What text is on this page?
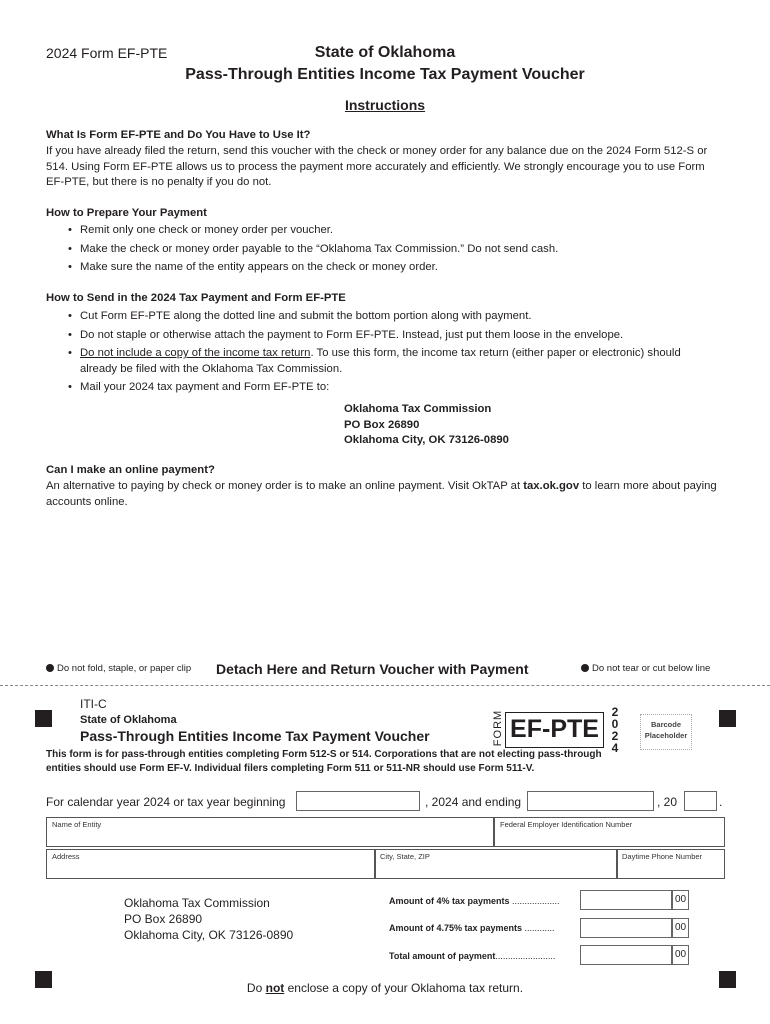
2024 Form EF-PTE	State of Oklahoma
Pass-Through Entities Income Tax Payment Voucher
Instructions
What Is Form EF-PTE and Do You Have to Use It?
If you have already filed the return, send this voucher with the check or money order for any balance due on the 2024 Form 512-S or 514. Using Form EF-PTE allows us to process the payment more accurately and efficiently. We strongly encourage you to use Form EF-PTE, but there is no penalty if you do not.
How to Prepare Your Payment
• Remit only one check or money order per voucher.
• Make the check or money order payable to the “Oklahoma Tax Commission.” Do not send cash.
• Make sure the name of the entity appears on the check or money order.
How to Send in the 2024 Tax Payment and Form EF-PTE
• Cut Form EF-PTE along the dotted line and submit the bottom portion along with payment.
• Do not staple or otherwise attach the payment to Form EF-PTE. Instead, just put them loose in the envelope.
• Do not include a copy of the income tax return. To use this form, the income tax return (either paper or electronic) should already be filed with the Oklahoma Tax Commission.
• Mail your 2024 tax payment and Form EF-PTE to:
Oklahoma Tax Commission
PO Box 26890
Oklahoma City, OK 73126-0890
Can I make an online payment?
An alternative to paying by check or money order is to make an online payment. Visit OkTAP at tax.ok.gov to learn more about paying accounts online.
Do not fold, staple, or paper clip Detach Here and Return Voucher with Payment	Do not tear or cut below line
ITI-C
State of Oklahoma
Pass-Through Entities Income Tax Payment Voucher	FORM EF-PTE
2
0
2
4
Barcode Placeholder
This form is for pass-through entities completing Form 512-S or 514. Corporations that are not electing pass-through entities should use Form EF-V. Individual filers completing Form 511 or 511-NR should use Form 511-V.
For calendar year 2024 or tax year beginning	, 2024 and ending	, 20	.
Name of Entity	Federal Employer Identification Number
Address	City, State, ZIP	Daytime Phone Number
Oklahoma Tax Commission
PO Box 26890
Oklahoma City, OK 73126-0890
Amount of 4% tax payments ...................	00
Amount of 4.75% tax payments ............	00
Total amount of payment........................	00
Do not enclose a copy of your Oklahoma tax return.
